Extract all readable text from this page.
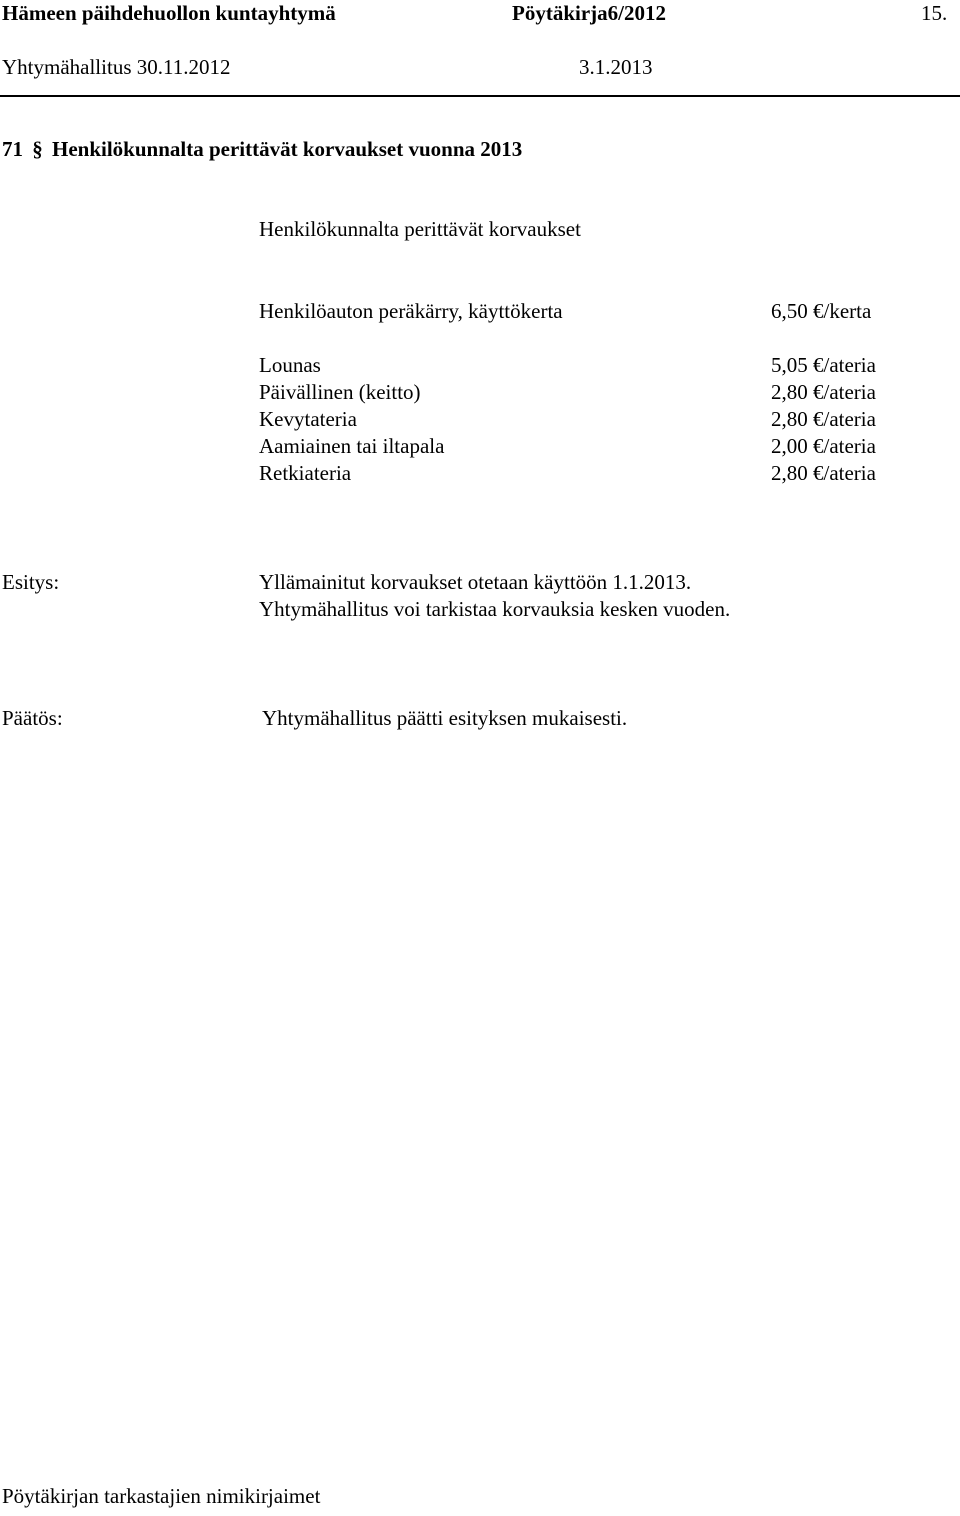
Hämeen päihdehuollon kuntayhtymä	Pöytäkirja6/2012	15.
Yhtymähallitus 30.11.2012	3.1.2013
71 § Henkilökunnalta perittävät korvaukset vuonna 2013
Henkilökunnalta perittävät korvaukset
Henkilöauton peräkärry, käyttökerta	6,50 €/kerta
Lounas	5,05 €/ateria
Päivällinen (keitto)	2,80 €/ateria
Kevytateria	2,80 €/ateria
Aamiainen tai iltapala	2,00 €/ateria
Retkiateria	2,80 €/ateria
Esitys:	Yllämainitut korvaukset otetaan käyttöön 1.1.2013.
Yhtymähallitus voi tarkistaa korvauksia kesken vuoden.
Päätös:	Yhtymähallitus päätti esityksen mukaisesti.
Pöytäkirjan tarkastajien nimikirjaimet
